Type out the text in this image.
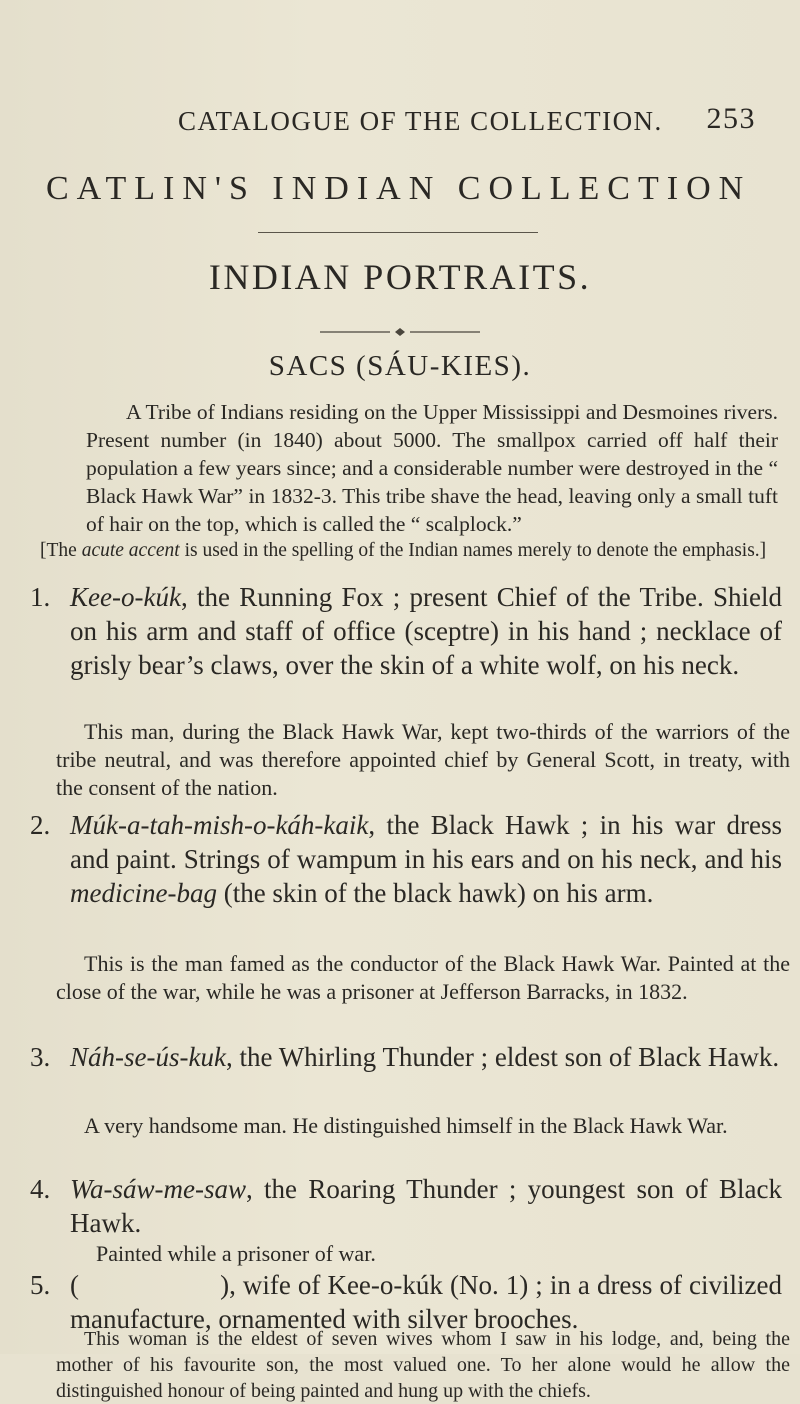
CATALOGUE OF THE COLLECTION. 253
CATLIN'S INDIAN COLLECTION
INDIAN PORTRAITS.
SACS (SÁU-KIES).
A Tribe of Indians residing on the Upper Mississippi and Desmoines rivers. Present number (in 1840) about 5000. The smallpox carried off half their population a few years since; and a considerable number were destroyed in the “ Black Hawk War” in 1832-3. This tribe shave the head, leaving only a small tuft of hair on the top, which is called the “ scalplock.”
[The acute accent is used in the spelling of the Indian names merely to denote the emphasis.]
1. Kee-o-kúk, the Running Fox ; present Chief of the Tribe. Shield on his arm and staff of office (sceptre) in his hand ; necklace of grisly bear’s claws, over the skin of a white wolf, on his neck.
This man, during the Black Hawk War, kept two-thirds of the warriors of the tribe neutral, and was therefore appointed chief by General Scott, in treaty, with the consent of the nation.
2. Múk-a-tah-mish-o-káh-kaik, the Black Hawk ; in his war dress and paint. Strings of wampum in his ears and on his neck, and his medicine-bag (the skin of the black hawk) on his arm.
This is the man famed as the conductor of the Black Hawk War. Painted at the close of the war, while he was a prisoner at Jefferson Barracks, in 1832.
3. Náh-se-ús-kuk, the Whirling Thunder ; eldest son of Black Hawk.
A very handsome man. He distinguished himself in the Black Hawk War.
4. Wa-sáw-me-saw, the Roaring Thunder ; youngest son of Black Hawk.
Painted while a prisoner of war.
5. (                    ), wife of Kee-o-kúk (No. 1) ; in a dress of civilized manufacture, ornamented with silver brooches.
This woman is the eldest of seven wives whom I saw in his lodge, and, being the mother of his favourite son, the most valued one. To her alone would he allow the distinguished honour of being painted and hung up with the chiefs.
